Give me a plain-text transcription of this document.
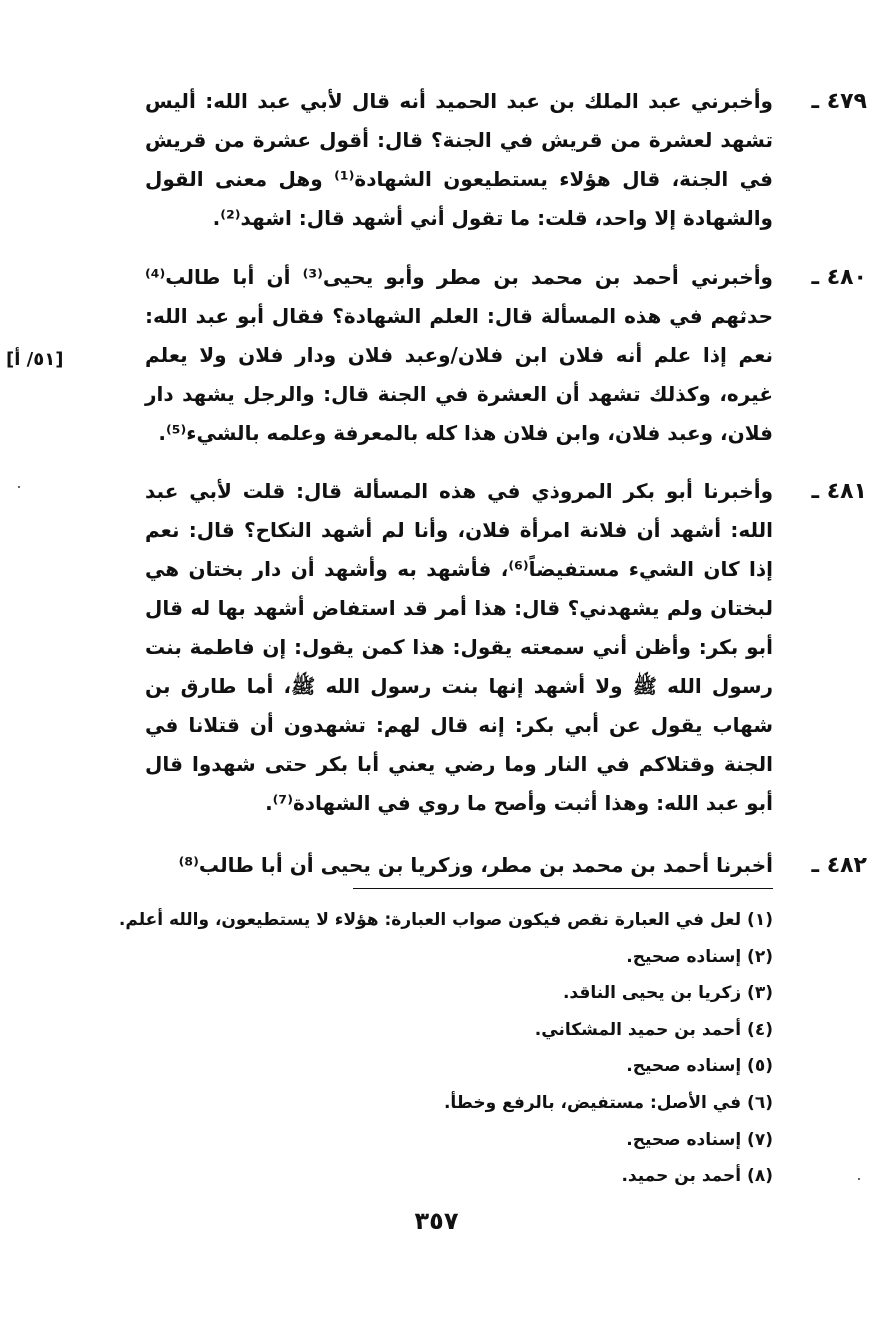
٤٧٩ ـ
وأخبرني عبد الملك بن عبد الحميد أنه قال لأبي عبد الله: أليس تشهد لعشرة من قريش في الجنة؟ قال: أقول عشرة من قريش في الجنة، قال هؤلاء يستطيعون الشهادة⁽¹⁾ وهل معنى القول والشهادة إلا واحد، قلت: ما تقول أني أشهد قال: اشهد⁽²⁾.
٤٨٠ ـ
وأخبرني أحمد بن محمد بن مطر وأبو يحيى⁽³⁾ أن أبا طالب⁽⁴⁾ حدثهم في هذه المسألة قال: العلم الشهادة؟ فقال أبو عبد الله: نعم إذا علم أنه فلان ابن فلان/وعبد فلان ودار فلان ولا يعلم غيره، وكذلك تشهد أن العشرة في الجنة قال: والرجل يشهد دار فلان، وعبد فلان، وابن فلان هذا كله بالمعرفة وعلمه بالشيء⁽⁵⁾.
[٥١/ أ]
٤٨١ ـ
وأخبرنا أبو بكر المروذي في هذه المسألة قال: قلت لأبي عبد الله: أشهد أن فلانة امرأة فلان، وأنا لم أشهد النكاح؟ قال: نعم إذا كان الشيء مستفيضاً⁽⁶⁾، فأشهد به وأشهد أن دار بختان هي لبختان ولم يشهدني؟ قال: هذا أمر قد استفاض أشهد بها له قال أبو بكر: وأظن أني سمعته يقول: هذا كمن يقول: إن فاطمة بنت رسول الله ﷺ ولا أشهد إنها بنت رسول الله ﷺ، أما طارق بن شهاب يقول عن أبي بكر: إنه قال لهم: تشهدون أن قتلانا في الجنة وقتلاكم في النار وما رضي يعني أبا بكر حتى شهدوا قال أبو عبد الله: وهذا أثبت وأصح ما روي في الشهادة⁽⁷⁾.
٤٨٢ ـ
أخبرنا أحمد بن محمد بن مطر، وزكريا بن يحيى أن أبا طالب⁽⁸⁾
(١) لعل في العبارة نقص فيكون صواب العبارة: هؤلاء لا يستطيعون، والله أعلم.
(٢) إسناده صحيح.
(٣) زكريا بن يحيى الناقد.
(٤) أحمد بن حميد المشكاني.
(٥) إسناده صحيح.
(٦) في الأصل: مستفيض، بالرفع وخطأ.
(٧) إسناده صحيح.
(٨) أحمد بن حميد.
٣٥٧
